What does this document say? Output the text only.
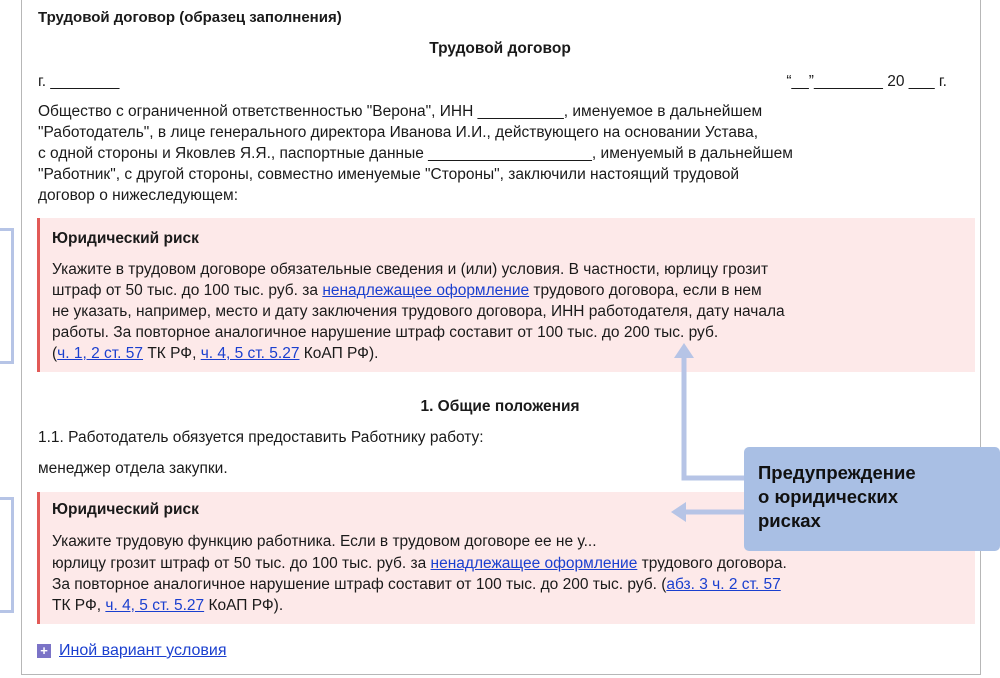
Трудовой договор (образец заполнения)
Трудовой договор
г. ________	“__”________ 20 ___ г.
Общество с ограниченной ответственностью "Верона", ИНН __________, именуемое в дальнейшем
"Работодатель", в лице генерального директора Иванова И.И., действующего на основании Устава,
с одной стороны и Яковлев Я.Я., паспортные данные ___________________, именуемый в дальнейшем
"Работник", с другой стороны, совместно именуемые "Стороны", заключили настоящий трудовой
договор о нижеследующем:
Юридический риск
Укажите в трудовом договоре обязательные сведения и (или) условия. В частности, юрлицу грозит
штраф от 50 тыс. до 100 тыс. руб. за ненадлежащее оформление трудового договора, если в нем
не указать, например, место и дату заключения трудового договора, ИНН работодателя, дату начала
работы. За повторное аналогичное нарушение штраф составит от 100 тыс. до 200 тыс. руб.
(ч. 1, 2 ст. 57 ТК РФ, ч. 4, 5 ст. 5.27 КоАП РФ).
1. Общие положения
1.1. Работодатель обязуется предоставить Работнику работу:
менеджер отдела закупки.
Юридический риск
Укажите трудовую функцию работника. Если в трудовом договоре ее не у...
юрлицу грозит штраф от 50 тыс. до 100 тыс. руб. за ненадлежащее оформление трудового договора.
За повторное аналогичное нарушение штраф составит от 100 тыс. до 200 тыс. руб. (абз. 3 ч. 2 ст. 57
ТК РФ, ч. 4, 5 ст. 5.27 КоАП РФ).
Предупреждение
о юридических
рисках
+ Иной вариант условия
